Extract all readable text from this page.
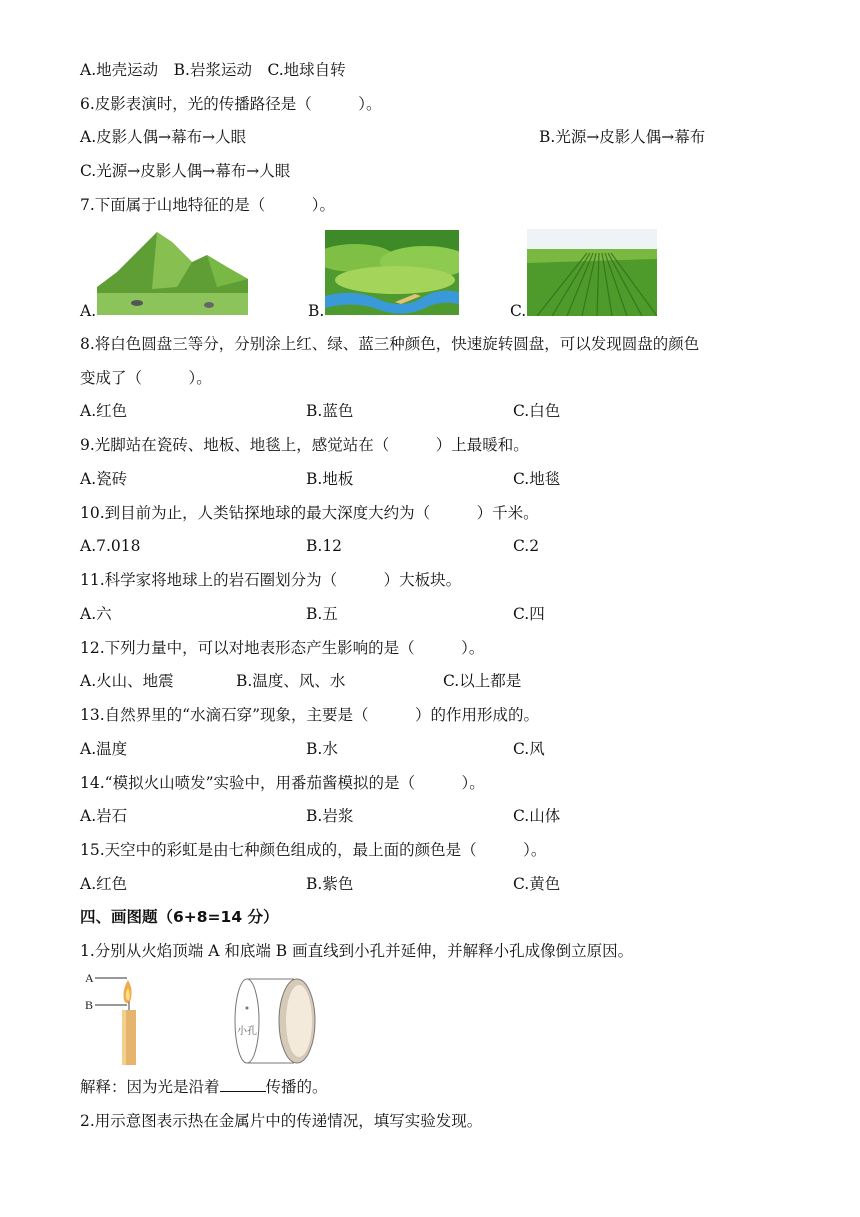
A.地壳运动　B.岩浆运动　C.地球自转
6.皮影表演时，光的传播路径是（　　　）。
A.皮影人偶→幕布→人眼	B.光源→皮影人偶→幕布
C.光源→皮影人偶→幕布→人眼
7.下面属于山地特征的是（　　　）。
A.	B.	C.
8.将白色圆盘三等分，分别涂上红、绿、蓝三种颜色，快速旋转圆盘，可以发现圆盘的颜色
变成了（　　　）。
A.红色	B.蓝色	C.白色
9.光脚站在瓷砖、地板、地毯上，感觉站在（　　　）上最暖和。
A.瓷砖	B.地板	C.地毯
10.到目前为止，人类钻探地球的最大深度大约为（　　　）千米。
A.7.018	B.12	C.2
11.科学家将地球上的岩石圈划分为（　　　）大板块。
A.六	B.五	C.四
12.下列力量中，可以对地表形态产生影响的是（　　　）。
A.火山、地震	B.温度、风、水	C.以上都是
13.自然界里的“水滴石穿”现象，主要是（　　　）的作用形成的。
A.温度	B.水	C.风
14.“模拟火山喷发”实验中，用番茄酱模拟的是（　　　）。
A.岩石	B.岩浆	C.山体
15.天空中的彩虹是由七种颜色组成的，最上面的颜色是（　　　）。
A.红色	B.紫色	C.黄色
四、画图题（6+8=14 分）
1.分别从火焰顶端 A 和底端 B 画直线到小孔并延伸，并解释小孔成像倒立原因。
A
B
小孔
解释：因为光是沿着	传播的。
2.用示意图表示热在金属片中的传递情况，填写实验发现。
